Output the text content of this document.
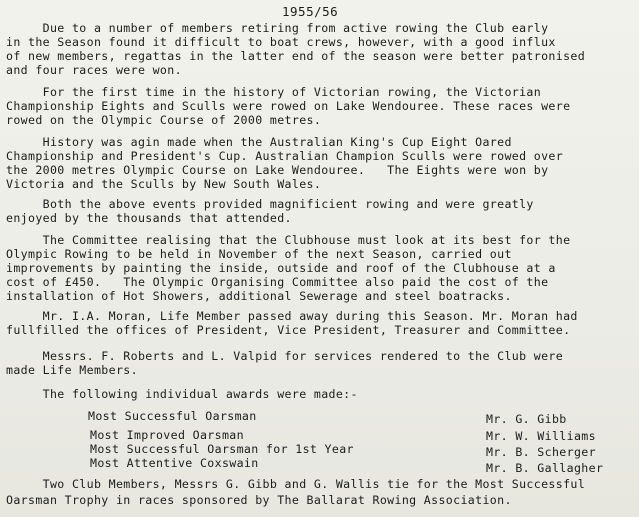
1955/56
Due to a number of members retiring from active rowing the Club early
in the Season found it difficult to boat crews, however, with a good influx
of new members, regattas in the latter end of the season were better patronised
and four races were won.
For the first time in the history of Victorian rowing, the Victorian
Championship Eights and Sculls were rowed on Lake Wendouree. These races were
rowed on the Olympic Course of 2000 metres.
History was agin made when the Australian King's Cup Eight Oared
Championship and President's Cup. Australian Champion Sculls were rowed over
the 2000 metres Olympic Course on Lake Wendouree.   The Eights were won by
Victoria and the Sculls by New South Wales.
Both the above events provided magnificient rowing and were greatly
enjoyed by the thousands that attended.
The Committee realising that the Clubhouse must look at its best for the
Olympic Rowing to be held in November of the next Season, carried out
improvements by painting the inside, outside and roof of the Clubhouse at a
cost of £450.   The Olympic Organising Committee also paid the cost of the
installation of Hot Showers, additional Sewerage and steel boatracks.
Mr. I.A. Moran, Life Member passed away during this Season. Mr. Moran had
fullfilled the offices of President, Vice President, Treasurer and Committee.
Messrs. F. Roberts and L. Valpid for services rendered to the Club were
made Life Members.
The following individual awards were made:-
Most Successful Oarsman	Mr. G. Gibb
Most Improved Oarsman	Mr. W. Williams
Most Successful Oarsman for 1st Year	Mr. B. Scherger
Most Attentive Coxswain	Mr. B. Gallagher
Two Club Members, Messrs G. Gibb and G. Wallis tie for the Most Successful
Oarsman Trophy in races sponsored by The Ballarat Rowing Association.
